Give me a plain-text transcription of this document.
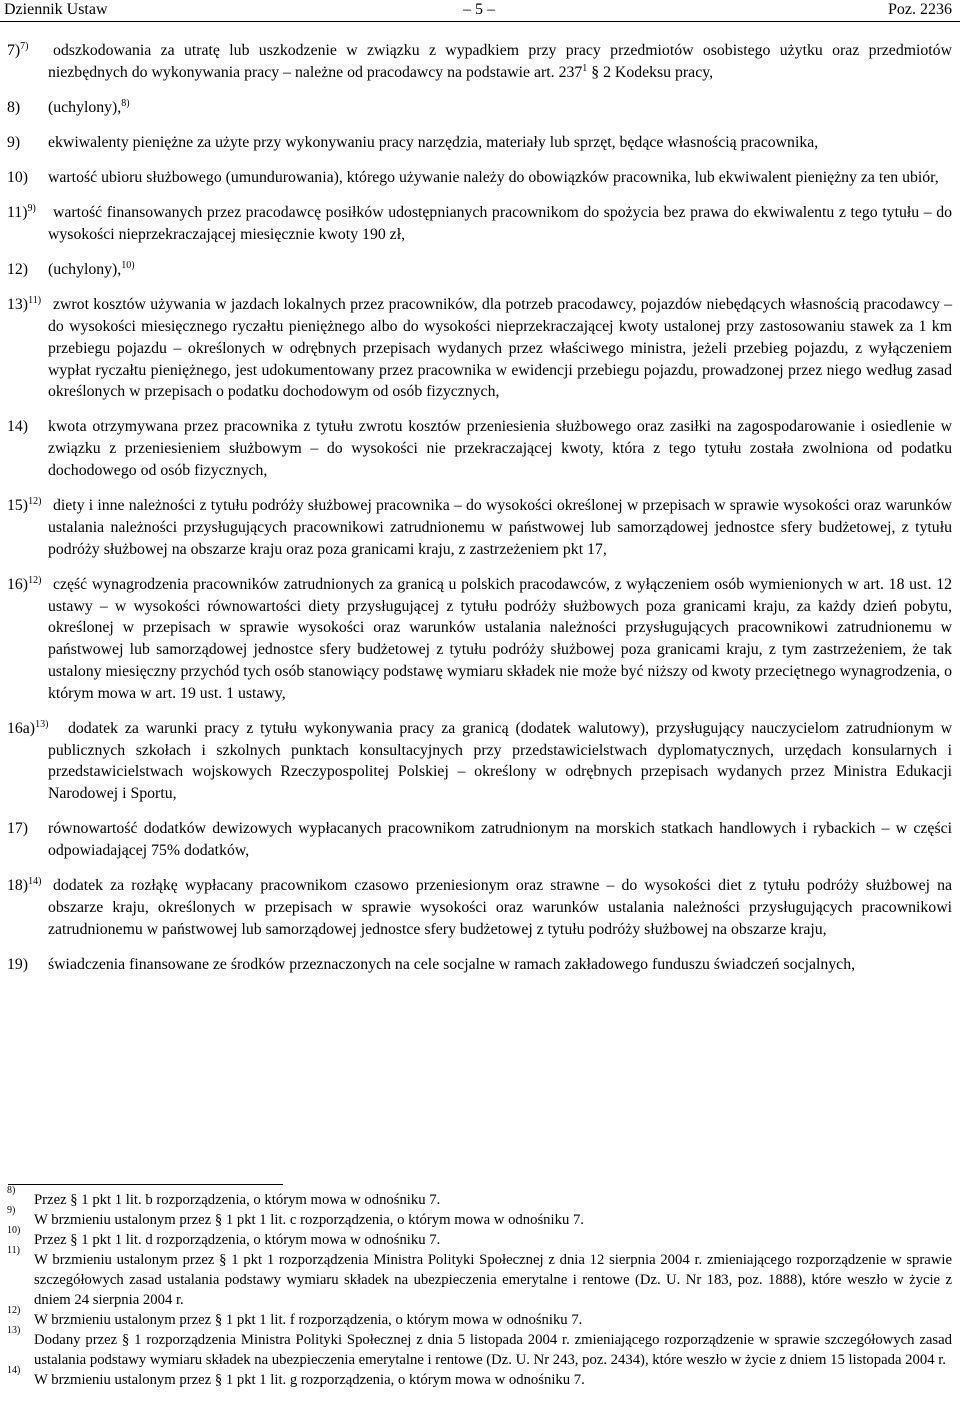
Dziennik Ustaw	– 5 –	Poz. 2236
7)$^{7)}$	odszkodowania za utratę lub uszkodzenie w związku z wypadkiem przy pracy przedmiotów osobistego użytku oraz przedmiotów niezbędnych do wykonywania pracy – należne od pracodawcy na podstawie art. $237^1$ § 2 Kodeksu pracy,
8) (uchylony),$^{8)}$
9) ekwiwalenty pieniężne za użyte przy wykonywaniu pracy narzędzia, materiały lub sprzęt, będące własnością pracownika,
10) wartość ubioru służbowego (umundurowania), którego używanie należy do obowiązków pracownika, lub ekwiwalent pieniężny za ten ubiór,
11)$^{9)}$	wartość finansowanych przez pracodawcę posiłków udostępnianych pracownikom do spożycia bez prawa do ekwiwalentu z tego tytułu – do wysokości nieprzekraczającej miesięcznie kwoty 190 zł,
12) (uchylony),$^{10)}$
13)$^{11)}$ zwrot kosztów używania w jazdach lokalnych przez pracowników, dla potrzeb pracodawcy, pojazdów niebędących własnością pracodawcy – do wysokości miesięcznego ryczałtu pieniężnego albo do wysokości nieprzekraczającej kwoty ustalonej przy zastosowaniu stawek za 1 km przebiegu pojazdu – określonych w odrębnych przepisach wydanych przez właściwego ministra, jeżeli przebieg pojazdu, z wyłączeniem wypłat ryczałtu pieniężnego, jest udokumentowany przez pracownika w ewidencji przebiegu pojazdu, prowadzonej przez niego według zasad określonych w przepisach o podatku dochodowym od osób fizycznych,
14) kwota otrzymywana przez pracownika z tytułu zwrotu kosztów przeniesienia służbowego oraz zasiłki na zagospodarowanie i osiedlenie w związku z przeniesieniem służbowym – do wysokości nie przekraczającej kwoty, która z tego tytułu została zwolniona od podatku dochodowego od osób fizycznych,
15)$^{12)}$ diety i inne należności z tytułu podróży służbowej pracownika – do wysokości określonej w przepisach w sprawie wysokości oraz warunków ustalania należności przysługujących pracownikowi zatrudnionemu w państwowej lub samorządowej jednostce sfery budżetowej, z tytułu podróży służbowej na obszarze kraju oraz poza granicami kraju, z zastrzeżeniem pkt 17,
16)$^{12)}$ część wynagrodzenia pracowników zatrudnionych za granicą u polskich pracodawców, z wyłączeniem osób wymienionych w art. 18 ust. 12 ustawy – w wysokości równowartości diety przysługującej z tytułu podróży służbowych poza granicami kraju, za każdy dzień pobytu, określonej w przepisach w sprawie wysokości oraz warunków ustalania należności przysługujących pracownikowi zatrudnionemu w państwowej lub samorządowej jednostce sfery budżetowej z tytułu podróży służbowej poza granicami kraju, z tym zastrzeżeniem, że tak ustalony miesięczny przychód tych osób stanowiący podstawę wymiaru składek nie może być niższy od kwoty przeciętnego wynagrodzenia, o którym mowa w art. 19 ust. 1 ustawy,
16a)$^{13)}$	dodatek za warunki pracy z tytułu wykonywania pracy za granicą (dodatek walutowy), przysługujący nauczycielom zatrudnionym w publicznych szkołach i szkolnych punktach konsultacyjnych przy przedstawicielstwach dyplomatycznych, urzędach konsularnych i przedstawicielstwach wojskowych Rzeczypospolitej Polskiej – określony w odrębnych przepisach wydanych przez Ministra Edukacji Narodowej i Sportu,
17) równowartość dodatków dewizowych wypłacanych pracownikom zatrudnionym na morskich statkach handlowych i rybackich – w części odpowiadającej 75% dodatków,
18)$^{14)}$ dodatek za rozłąkę wypłacany pracownikom czasowo przeniesionym oraz strawne – do wysokości diet z tytułu podróży służbowej na obszarze kraju, określonych w przepisach w sprawie wysokości oraz warunków ustalania należności przysługujących pracownikowi zatrudnionemu w państwowej lub samorządowej jednostce sfery budżetowej z tytułu podróży służbowej na obszarze kraju,
19) świadczenia finansowane ze środków przeznaczonych na cele socjalne w ramach zakładowego funduszu świadczeń socjalnych,
8)
Przez § 1 pkt 1 lit. b rozporządzenia, o którym mowa w odnośniku 7.
9)
W brzmieniu ustalonym przez § 1 pkt 1 lit. c rozporządzenia, o którym mowa w odnośniku 7.
10)
Przez § 1 pkt 1 lit. d rozporządzenia, o którym mowa w odnośniku 7.
11)
W brzmieniu ustalonym przez § 1 pkt 1 rozporządzenia Ministra Polityki Społecznej z dnia 12 sierpnia 2004 r. zmieniającego rozporządzenie w sprawie szczegółowych zasad ustalania podstawy wymiaru składek na ubezpieczenia emerytalne i rentowe (Dz. U. Nr 183, poz. 1888), które weszło w życie z dniem 24 sierpnia 2004 r.
12)
W brzmieniu ustalonym przez § 1 pkt 1 lit. f rozporządzenia, o którym mowa w odnośniku 7.
13)
Dodany przez § 1 rozporządzenia Ministra Polityki Społecznej z dnia 5 listopada 2004 r. zmieniającego rozporządzenie w sprawie szczegółowych zasad ustalania podstawy wymiaru składek na ubezpieczenia emerytalne i rentowe (Dz. U. Nr 243, poz. 2434), które weszło w życie z dniem 15 listopada 2004 r.
14)
W brzmieniu ustalonym przez § 1 pkt 1 lit. g rozporządzenia, o którym mowa w odnośniku 7.
